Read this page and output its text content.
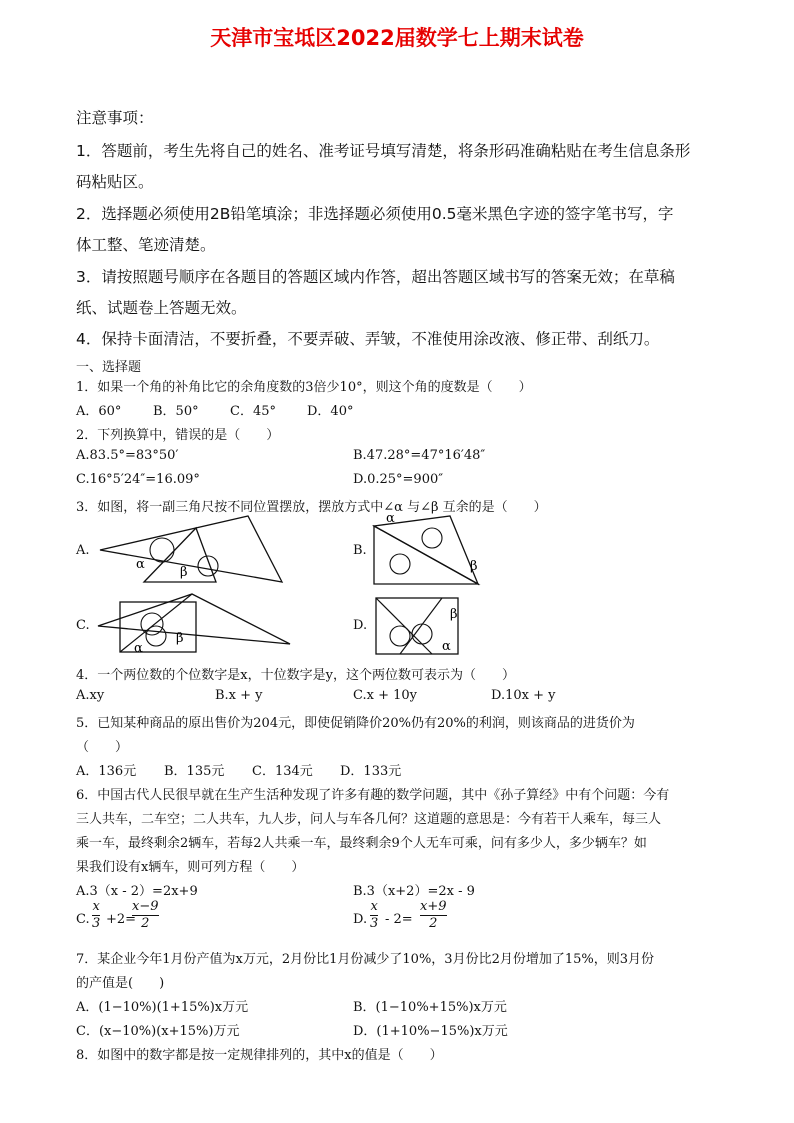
天津市宝坻区2022届数学七上期末试卷
注意事项：
1．答题前，考生先将自己的姓名、准考证号填写清楚，将条形码准确粘贴在考生信息条形
码粘贴区。
2．选择题必须使用2B铅笔填涂；非选择题必须使用0.5毫米黑色字迹的签字笔书写，字
体工整、笔迹清楚。
3．请按照题号顺序在各题目的答题区域内作答，超出答题区域书写的答案无效；在草稿
纸、试题卷上答题无效。
4．保持卡面清洁，不要折叠，不要弄破、弄皱，不准使用涂改液、修正带、刮纸刀。
一、选择题
1．如果一个角的补角比它的余角度数的3倍少10°，则这个角的度数是（　　）
A．60° B．50° C．45° D．40°
2．下列换算中，错误的是（　　）
A.83.5°=83°50′	B.47.28°=47°16′48″
C.16°5′24″=16.09°	D.0.25°=900″
3．如图，将一副三角尺按不同位置摆放，摆放方式中∠α 与∠β 互余的是（　　）
A.
α
β
B.
α
β
C.
α
β
D.
β
α
4．一个两位数的个位数字是x，十位数字是y，这个两位数可表示为（　　）
A.xy	B.x + y	C.x + 10y	D.10x + y
5．已知某种商品的原出售价为204元，即使促销降价20%仍有20%的利润，则该商品的进货价为
（　　）
A．136元 B．135元 C．134元 D．133元
6．中国古代人民很早就在生产生活种发现了许多有趣的数学问题，其中《孙子算经》中有个问题：今有
三人共车，二车空；二人共车，九人步，问人与车各几何？这道题的意思是：今有若干人乘车，每三人
乘一车，最终剩余2辆车，若每2人共乘一车，最终剩余9个人无车可乘，问有多少人，多少辆车？如
果我们设有x辆车，则可列方程（　　）
A.3（x - 2）=2x+9	B.3（x+2）=2x - 9
C.
x
3 +2=
x−9
2	D.
x
3 - 2=
x+9
2
7．某企业今年1月份产值为x万元，2月份比1月份减少了10%，3月份比2月份增加了15%，则3月份
的产值是(　　)
A．(1−10%)(1+15%)x万元	B．(1−10%+15%)x万元
C．(x−10%)(x+15%)万元	D．(1+10%−15%)x万元
8．如图中的数字都是按一定规律排列的，其中x的值是（　　）
